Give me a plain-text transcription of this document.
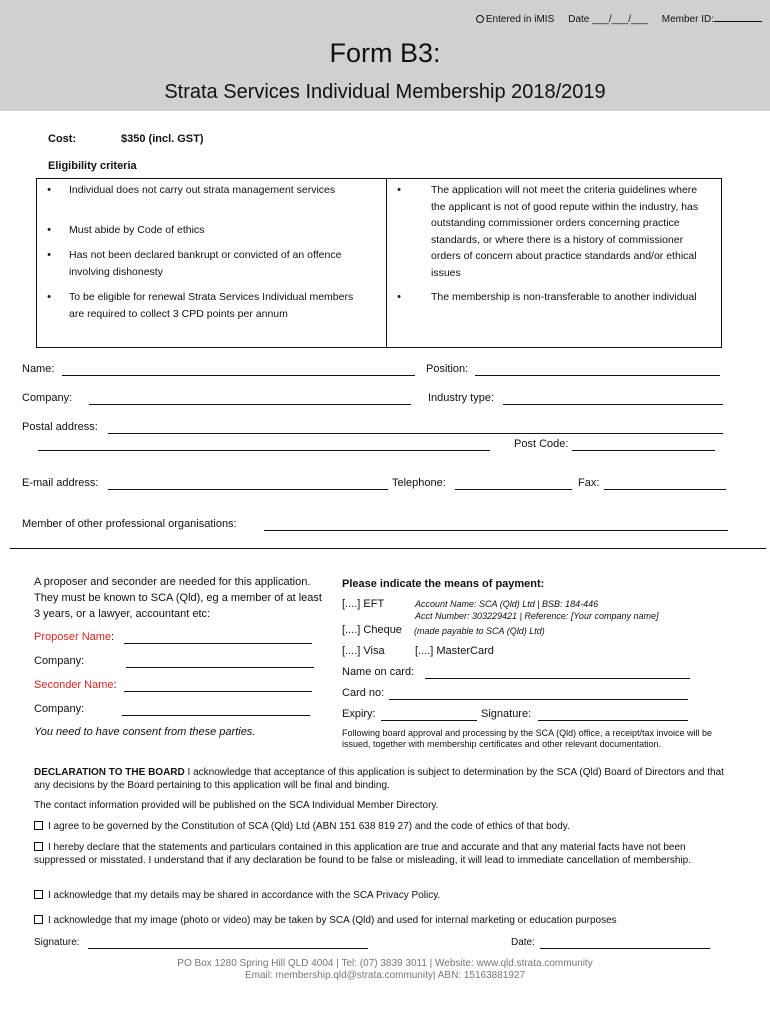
Entered in iMIS Date ___/___/___ Member ID:
Form B3:
Strata Services Individual Membership 2018/2019
Cost:	$350 (incl. GST)
Eligibility criteria
•	Individual does not carry out strata management services
•	Must abide by Code of ethics
•	Has not been declared bankrupt or convicted of an offence involving dishonesty
•	To be eligible for renewal Strata Services Individual members are required to collect 3 CPD points per annum
•	The application will not meet the criteria guidelines where the applicant is not of good repute within the industry, has outstanding commissioner orders concerning practice standards, or where there is a history of commissioner orders of concern about practice standards and/or ethical issues
•	The membership is non-transferable to another individual
Name:	Position:
Company:	Industry type:
Postal address:
Post Code:
E-mail address:	Telephone:	Fax:
Member of other professional organisations:
A proposer and seconder are needed for this application. They must be known to SCA (Qld), eg a member of at least 3 years, or a lawyer, accountant etc:
Proposer Name:
Company:
Seconder Name:
Company:
You need to have consent from these parties.
Please indicate the means of payment:
[....] EFT	Account Name: SCA (Qld) Ltd | BSB: 184-446
Acct Number: 303229421 | Reference: [Your company name]
[....] Cheque (made payable to SCA (Qld) Ltd)
[....] Visa	[....] MasterCard
Name on card:
Card no:
Expiry:	Signature:
Following board approval and processing by the SCA (Qld) office, a receipt/tax invoice will be issued, together with membership certificates and other relevant documentation.
DECLARATION TO THE BOARD I acknowledge that acceptance of this application is subject to determination by the SCA (Qld) Board of Directors and that any decisions by the Board pertaining to this application will be final and binding.
The contact information provided will be published on the SCA Individual Member Directory.
I agree to be governed by the Constitution of SCA (Qld) Ltd (ABN 151 638 819 27) and the code of ethics of that body.
I hereby declare that the statements and particulars contained in this application are true and accurate and that any material facts have not been suppressed or misstated. I understand that if any declaration be found to be false or misleading, it will lead to immediate cancellation of membership.
I acknowledge that my details may be shared in accordance with the SCA Privacy Policy.
I acknowledge that my image (photo or video) may be taken by SCA (Qld) and used for internal marketing or education purposes
Signature:	Date:
PO Box 1280 Spring Hill QLD 4004 | Tel: (07) 3839 3011 | Website: www.qld.strata.community
Email: membership.qld@strata.community| ABN: 15163881927
